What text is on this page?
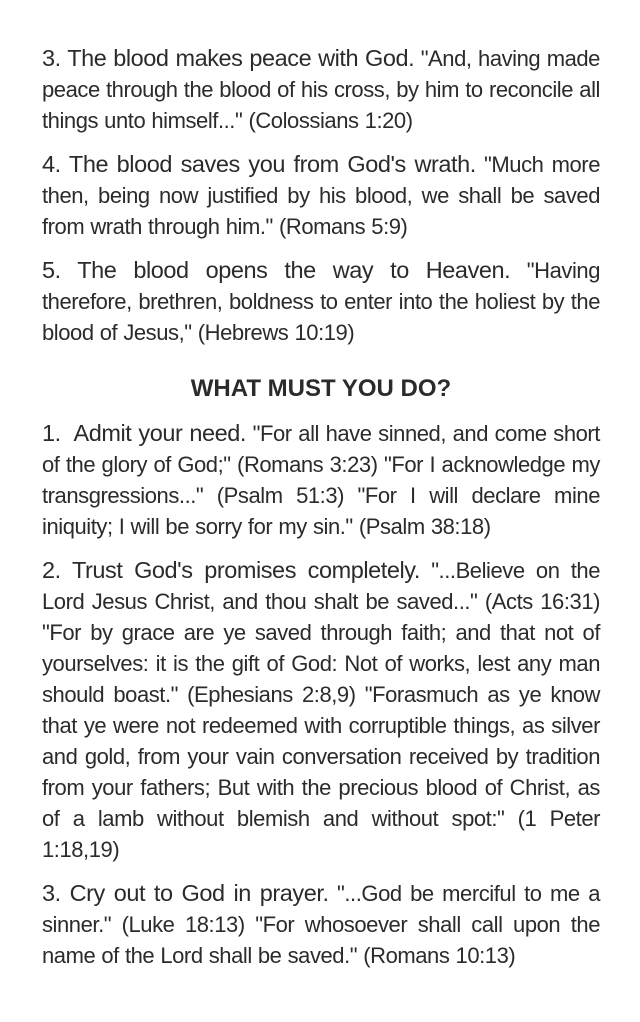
3. The blood makes peace with God. "And, having made peace through the blood of his cross, by him to reconcile all things unto himself..." (Colossians 1:20)

4. The blood saves you from God's wrath. "Much more then, being now justified by his blood, we shall be saved from wrath through him." (Romans 5:9)

5. The blood opens the way to Heaven. "Having therefore, brethren, boldness to enter into the holiest by the blood of Jesus," (Hebrews 10:19)

WHAT MUST YOU DO?

1.  Admit your need. "For all have sinned, and come short of the glory of God;" (Romans 3:23) "For I acknowledge my transgressions..." (Psalm 51:3) "For I will declare mine iniquity; I will be sorry for my sin." (Psalm 38:18)

2. Trust God's promises completely. "...Believe on the Lord Jesus Christ, and thou shalt be saved..." (Acts 16:31) "For by grace are ye saved through faith; and that not of yourselves: it is the gift of God: Not of works, lest any man should boast." (Ephesians 2:8,9) "Forasmuch as ye know that ye were not redeemed with corruptible things, as silver and gold, from your vain conversation received by tradition from your fathers; But with the precious blood of Christ, as of a lamb without blemish and without spot:" (1 Peter 1:18,19)

3. Cry out to God in prayer. "...God be merciful to me a sinner." (Luke 18:13) "For whosoever shall call upon the name of the Lord shall be saved." (Romans 10:13)
